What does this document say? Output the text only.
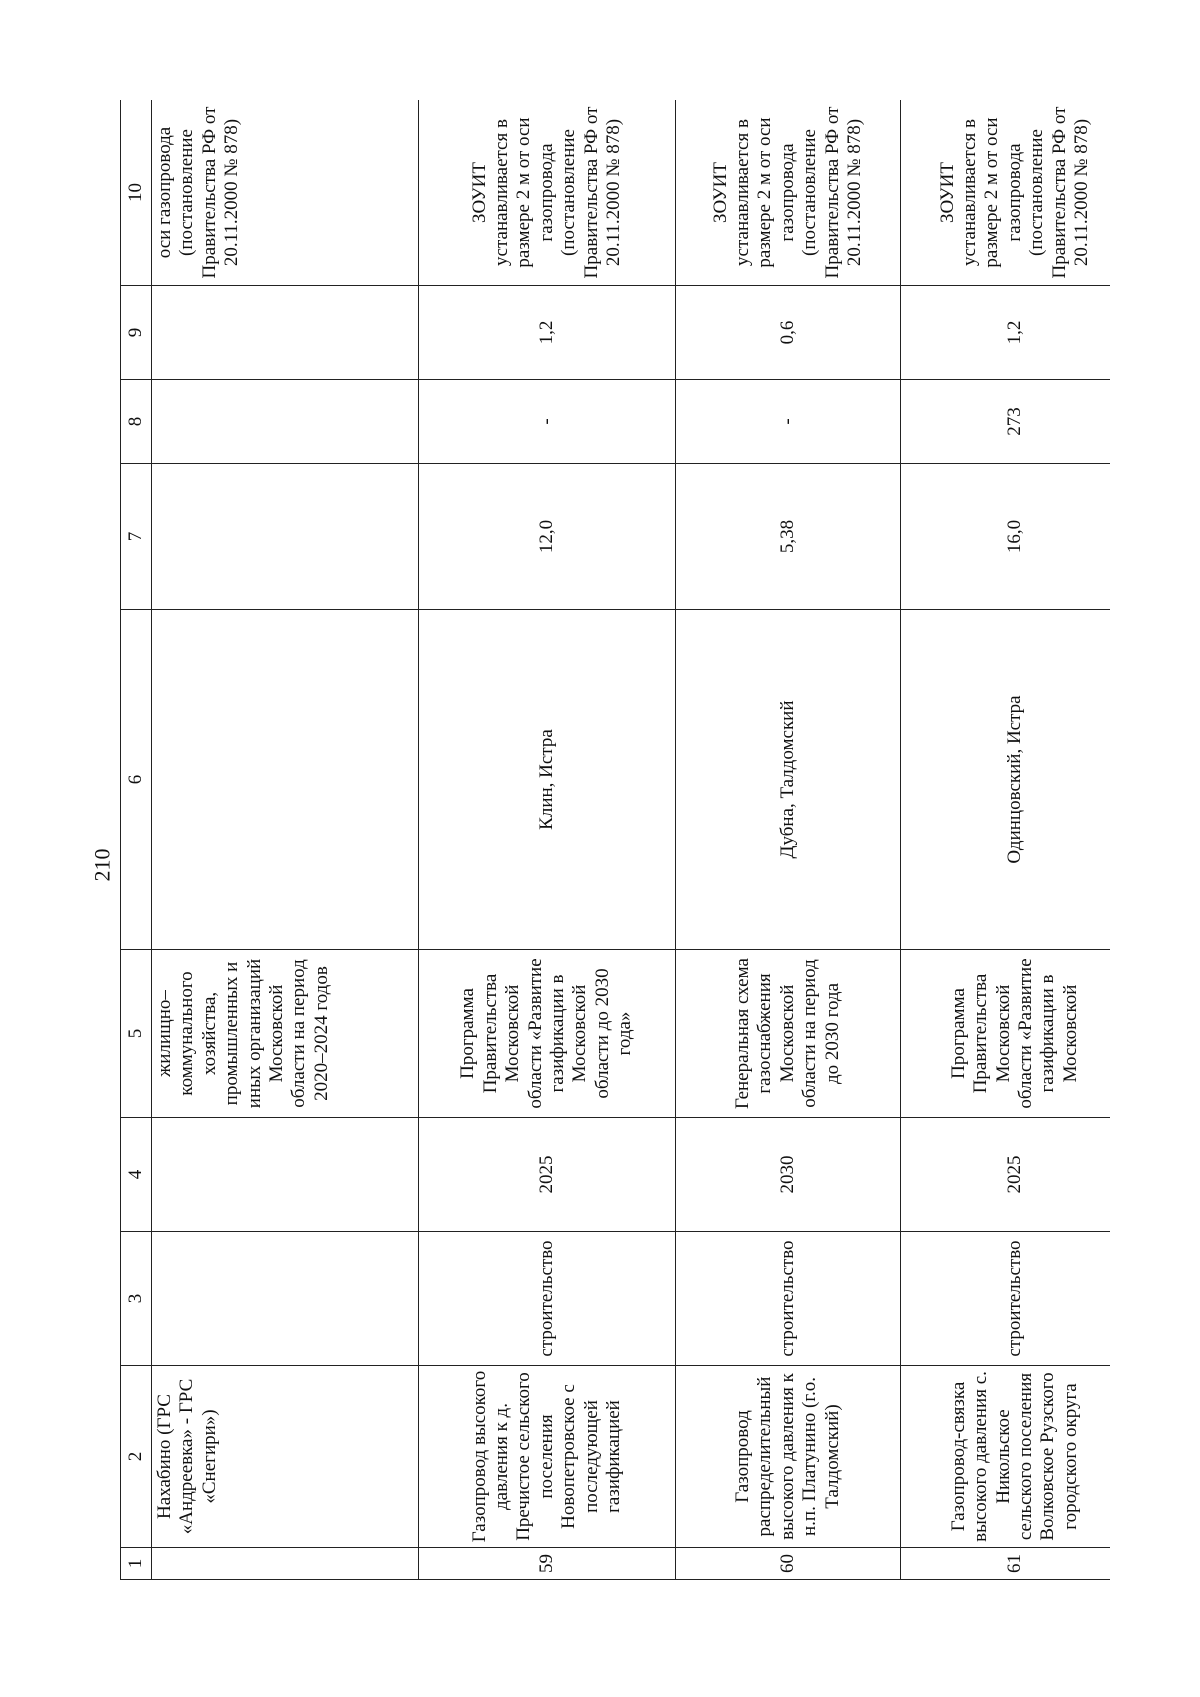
210
1	2	3	4	5	6	7	8	9	10
	Нахабино (ГРС «Андреевка» - ГРС «Снегири»)			жилищно–коммунального хозяйства, промышленных и иных организаций Московской области на период 2020–2024 годов					оси газопровода (постановление Правительства РФ от 20.11.2000 № 878)
59	Газопровод высокого давления к д. Пречистое сельского поселения Новопетровское с последующей газификацией	строительство	2025	Программа Правительства Московской области «Развитие газификации в Московской области до 2030 года»	Клин, Истра	12,0	-	1,2	ЗОУИТ устанавливается в размере 2 м от оси газопровода (постановление Правительства РФ от 20.11.2000 № 878)
60	Газопровод распределительный высокого давления к н.п. Платунино (г.о. Талдомский)	строительство	2030	Генеральная схема газоснабжения Московской области на период до 2030 года	Дубна, Талдомский	5,38	-	0,6	ЗОУИТ устанавливается в размере 2 м от оси газопровода (постановление Правительства РФ от 20.11.2000 № 878)
61	Газопровод-связка высокого давления с. Никольское сельского поселения Волковское Рузского городского округа	строительство	2025	Программа Правительства Московской области «Развитие газификации в Московской	Одинцовский, Истра	16,0	273	1,2	ЗОУИТ устанавливается в размере 2 м от оси газопровода (постановление Правительства РФ от 20.11.2000 № 878)
